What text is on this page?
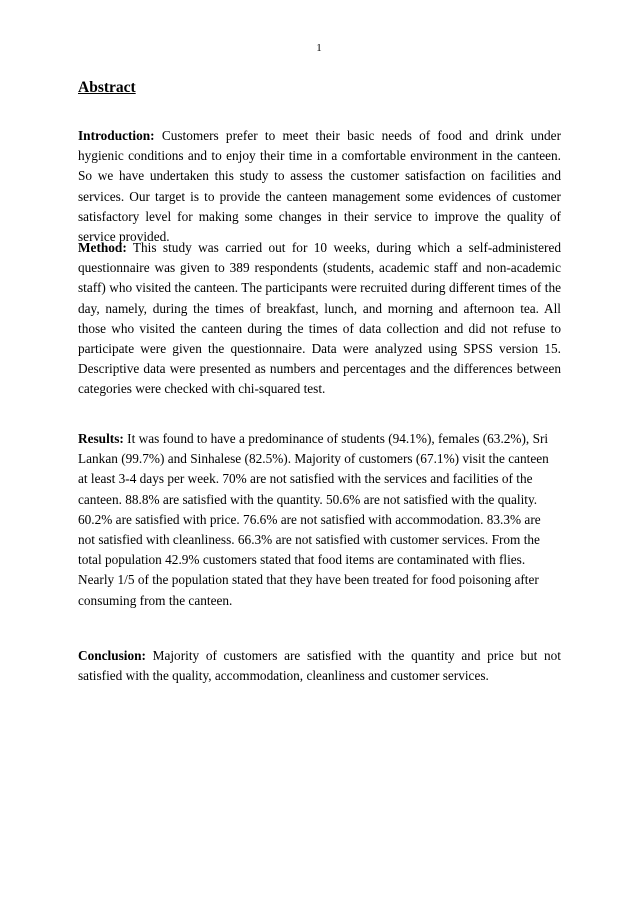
1
Abstract

Introduction: Customers prefer to meet their basic needs of food and drink under hygienic conditions and to enjoy their time in a comfortable environment in the canteen. So we have undertaken this study to assess the customer satisfaction on facilities and services. Our target is to provide the canteen management some evidences of customer satisfactory level for making some changes in their service to improve the quality of service provided.

Method: This study was carried out for 10 weeks, during which a self-administered questionnaire was given to 389 respondents (students, academic staff and non-academic staff) who visited the canteen. The participants were recruited during different times of the day, namely, during the times of breakfast, lunch, and morning and afternoon tea. All those who visited the canteen during the times of data collection and did not refuse to participate were given the questionnaire. Data were analyzed using SPSS version 15. Descriptive data were presented as numbers and percentages and the differences between categories were checked with chi-squared test.

Results: It was found to have a predominance of students (94.1%), females (63.2%), Sri Lankan (99.7%) and Sinhalese (82.5%). Majority of customers (67.1%) visit the canteen at least 3-4 days per week. 70% are not satisfied with the services and facilities of the canteen. 88.8% are satisfied with the quantity. 50.6% are not satisfied with the quality. 60.2% are satisfied with price. 76.6% are not satisfied with accommodation. 83.3% are not satisfied with cleanliness. 66.3% are not satisfied with customer services. From the total population 42.9% customers stated that food items are contaminated with flies. Nearly 1/5 of the population stated that they have been treated for food poisoning after consuming from the canteen.

Conclusion: Majority of customers are satisfied with the quantity and price but not satisfied with the quality, accommodation, cleanliness and customer services.
